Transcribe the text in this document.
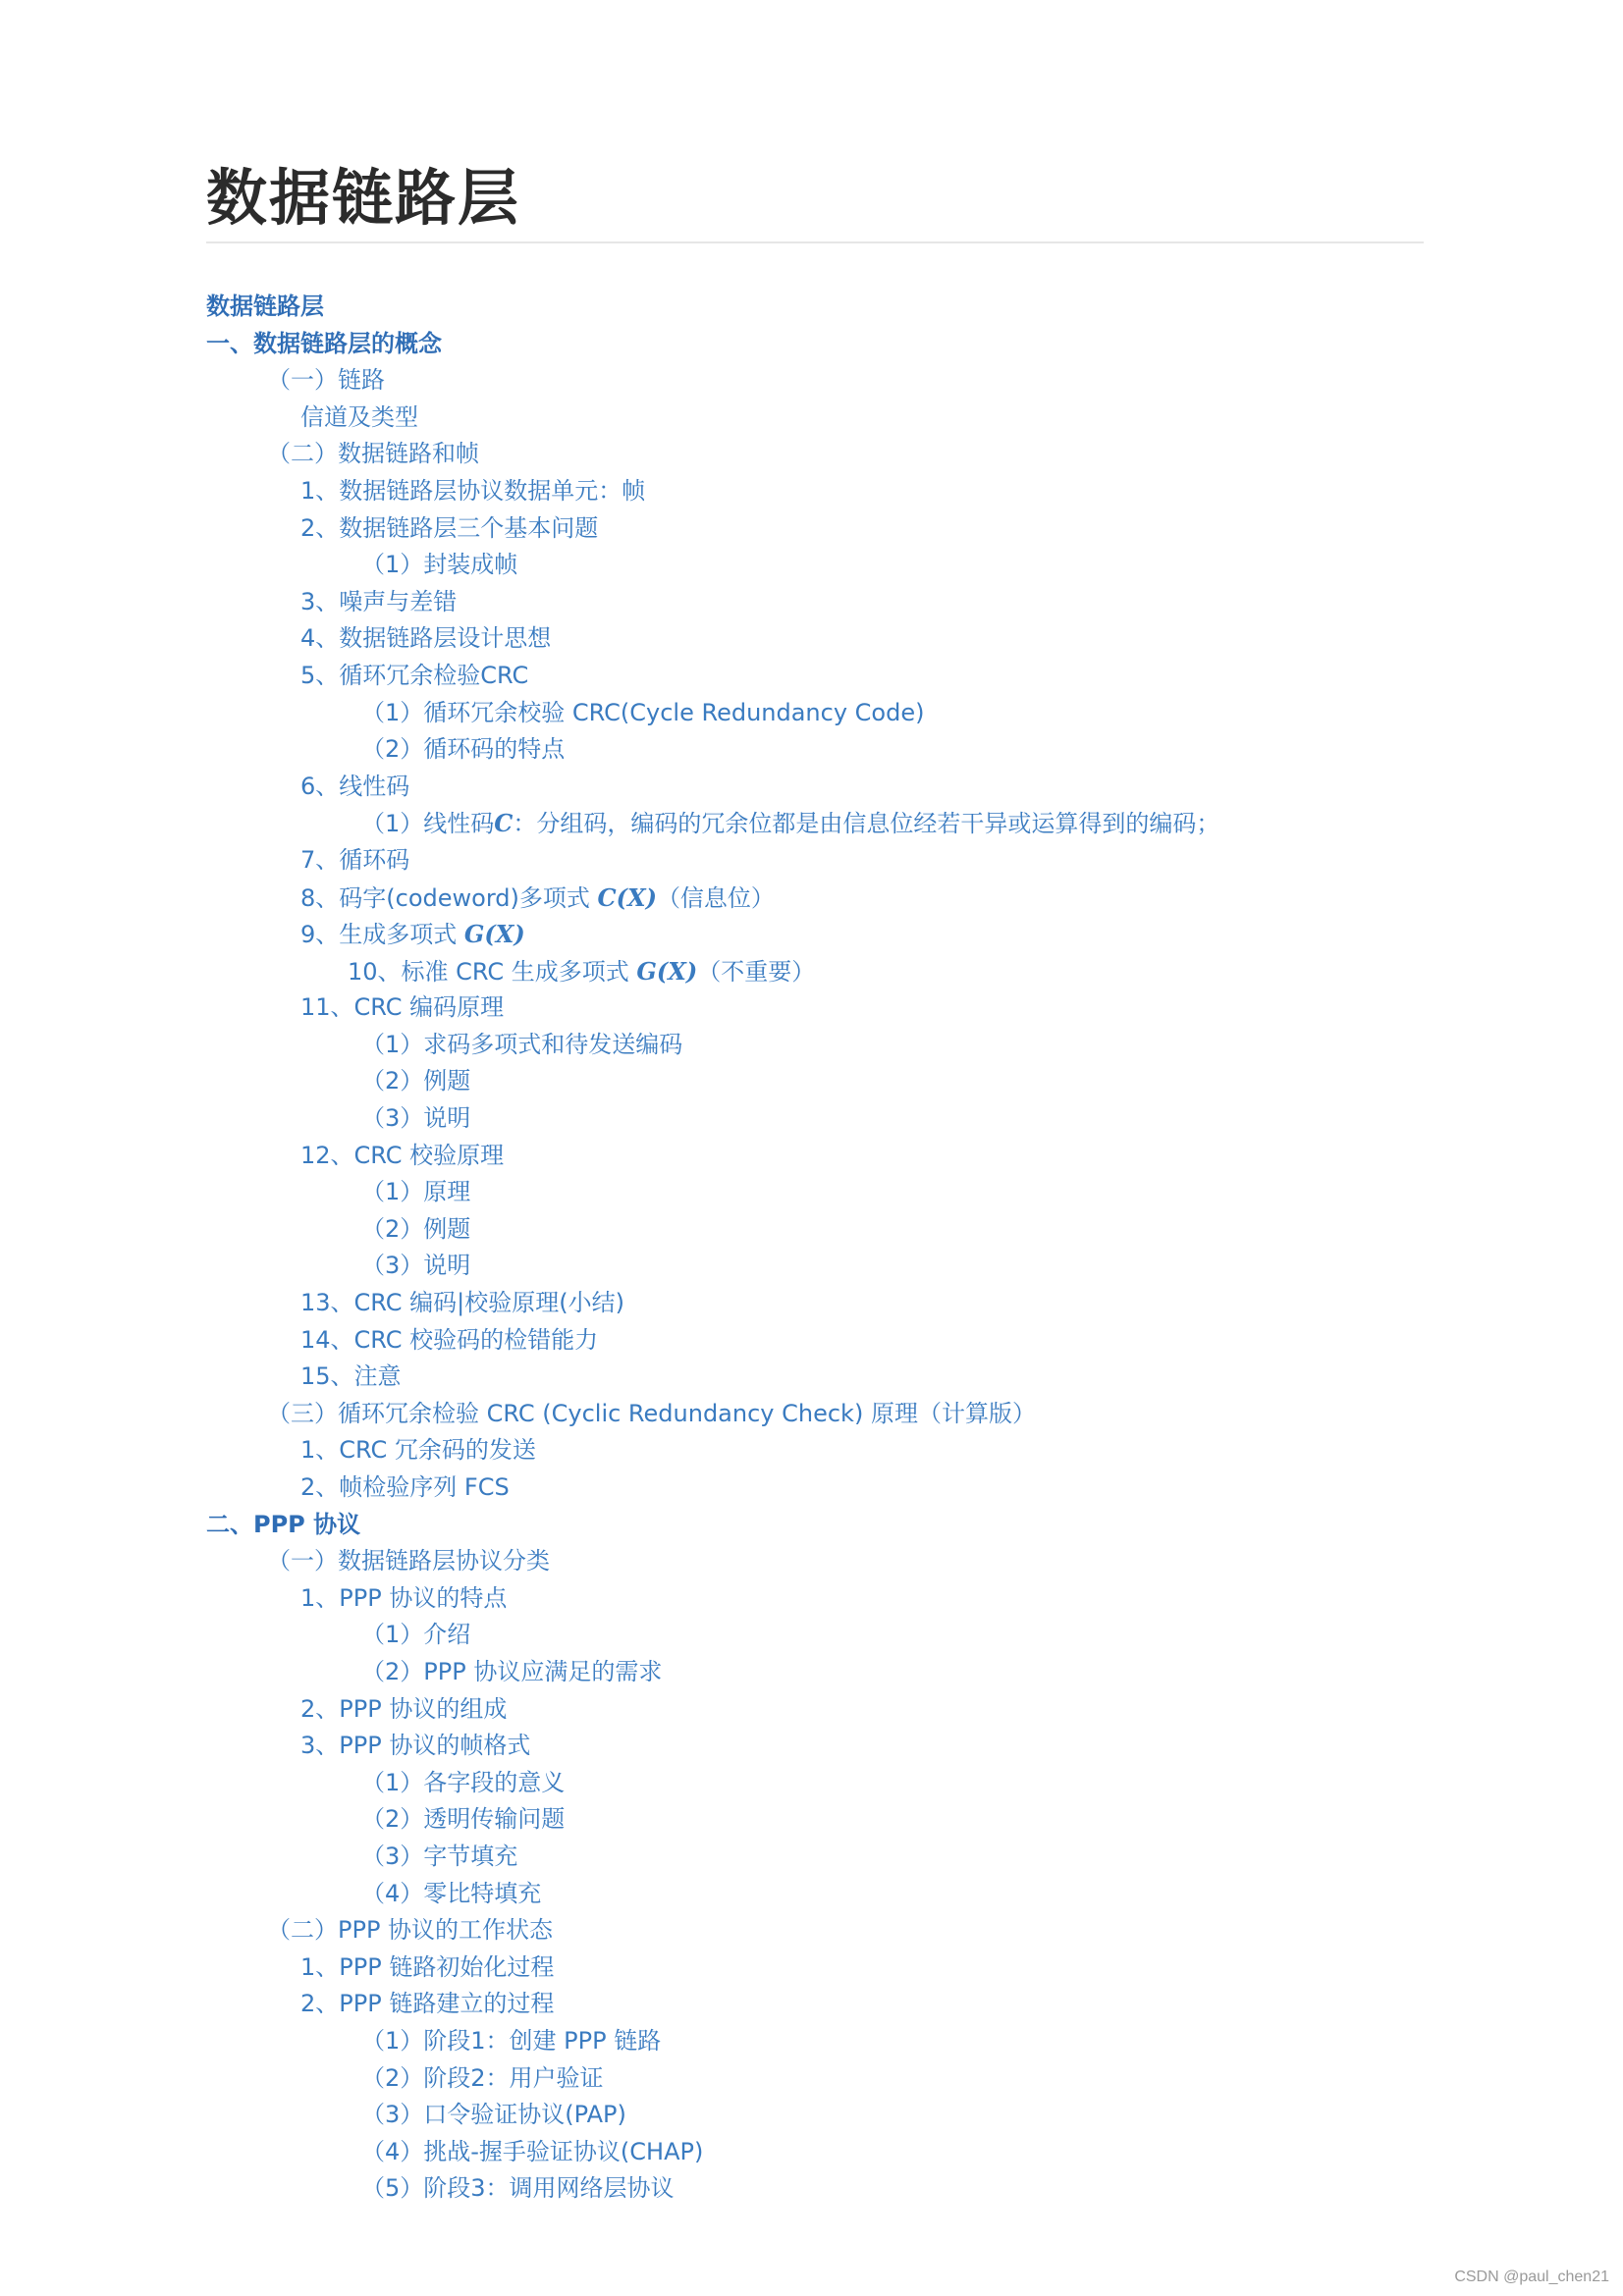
数据链路层
数据链路层
一、数据链路层的概念
（一）链路
信道及类型
（二）数据链路和帧
1、数据链路层协议数据单元：帧
2、数据链路层三个基本问题
（1）封装成帧
3、噪声与差错
4、数据链路层设计思想
5、循环冗余检验CRC
（1）循环冗余校验 CRC(Cycle Redundancy Code)
（2）循环码的特点
6、线性码
（1）线性码C：分组码，编码的冗余位都是由信息位经若干异或运算得到的编码；
7、循环码
8、码字(codeword)多项式 C(X)（信息位）
9、生成多项式 G(X)
10、标准 CRC 生成多项式 G(X)（不重要）
11、CRC 编码原理
（1）求码多项式和待发送编码
（2）例题
（3）说明
12、CRC 校验原理
（1）原理
（2）例题
（3）说明
13、CRC 编码|校验原理(小结)
14、CRC 校验码的检错能力
15、注意
（三）循环冗余检验 CRC (Cyclic Redundancy Check) 原理（计算版）
1、CRC 冗余码的发送
2、帧检验序列 FCS
二、PPP 协议
（一）数据链路层协议分类
1、PPP 协议的特点
（1）介绍
（2）PPP 协议应满足的需求
2、PPP 协议的组成
3、PPP 协议的帧格式
（1）各字段的意义
（2）透明传输问题
（3）字节填充
（4）零比特填充
（二）PPP 协议的工作状态
1、PPP 链路初始化过程
2、PPP 链路建立的过程
（1）阶段1：创建 PPP 链路
（2）阶段2：用户验证
（3）口令验证协议(PAP)
（4）挑战-握手验证协议(CHAP)
（5）阶段3：调用网络层协议
CSDN @paul_chen21
